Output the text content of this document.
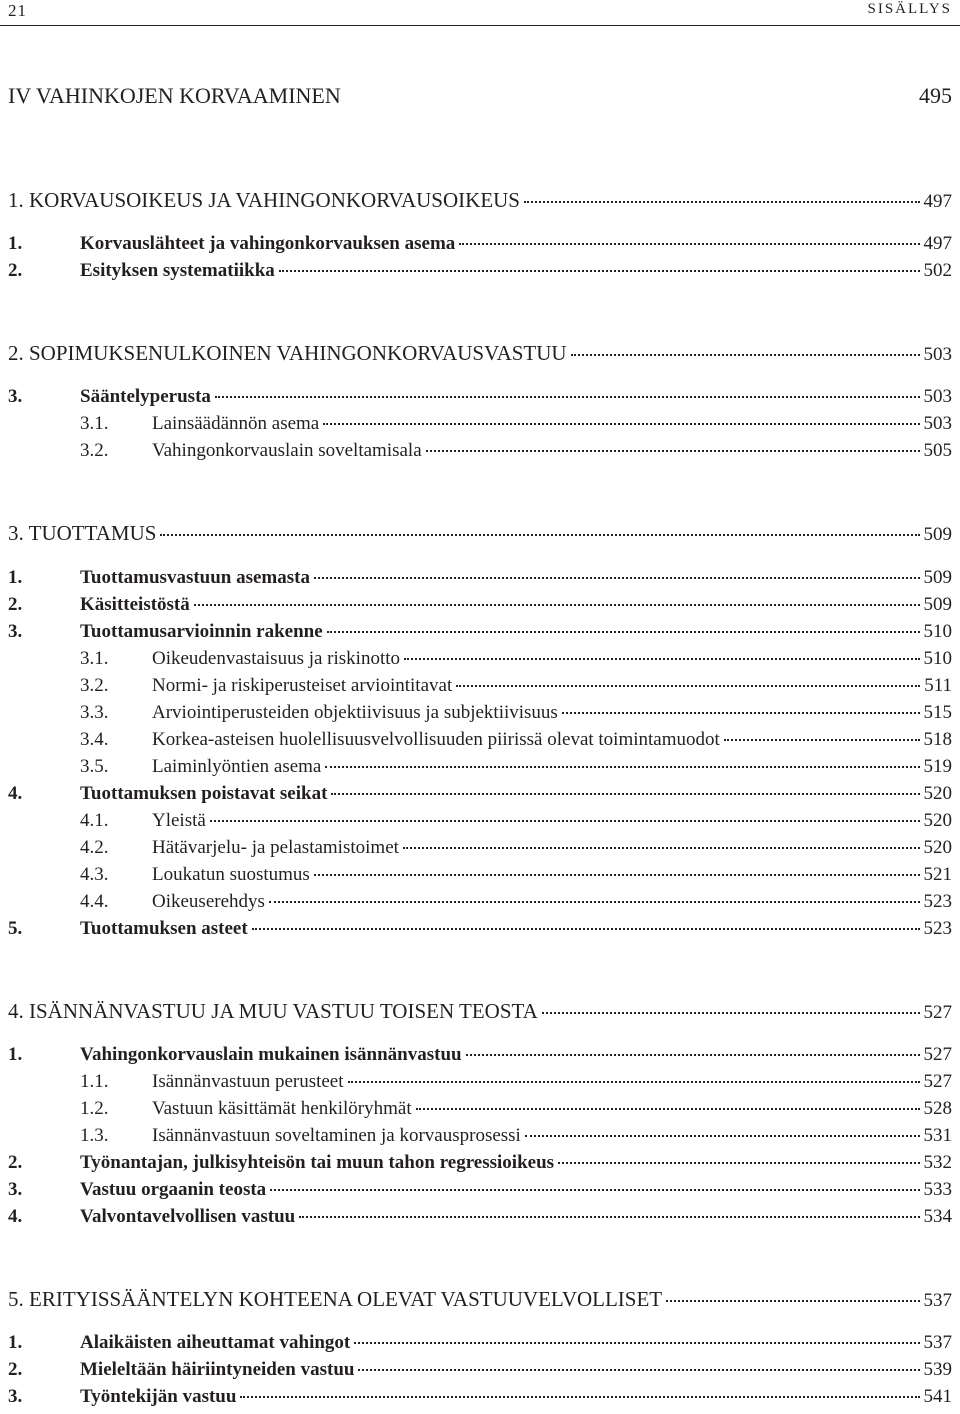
21	SISÄLLYS
IV VAHINKOJEN KORVAAMINEN	495
1. KORVAUSOIKEUS JA VAHINGONKORVAUSOIKEUS	497
1.	Korvauslähteet ja vahingonkorvauksen asema	497
2.	Esityksen systematiikka	502
2. SOPIMUKSENULKOINEN VAHINGONKORVAUSVASTUU	503
3.	Sääntelyperusta	503
3.1.	Lainsäädännön asema	503
3.2.	Vahingonkorvauslain soveltamisala	505
3. TUOTTAMUS	509
1.	Tuottamusvastuun asemasta	509
2.	Käsitteistöstä	509
3.	Tuottamusarvioinnin rakenne	510
3.1.	Oikeudenvastaisuus ja riskinotto	510
3.2.	Normi- ja riskiperusteiset arviointitavat	511
3.3.	Arviointiperusteiden objektiivisuus ja subjektiivisuus	515
3.4.	Korkea-asteisen huolellisuusvelvollisuuden piirissä olevat toimintamuodot	518
3.5.	Laiminlyöntien asema	519
4.	Tuottamuksen poistavat seikat	520
4.1.	Yleistä	520
4.2.	Hätävarjelu- ja pelastamistoimet	520
4.3.	Loukatun suostumus	521
4.4.	Oikeuserehdys	523
5.	Tuottamuksen asteet	523
4. ISÄNNÄNVASTUU JA MUU VASTUU TOISEN TEOSTA	527
1.	Vahingonkorvauslain mukainen isännänvastuu	527
1.1.	Isännänvastuun perusteet	527
1.2.	Vastuun käsittämät henkilöryhmät	528
1.3.	Isännänvastuun soveltaminen ja korvausprosessi	531
2.	Työnantajan, julkisyhteisön tai muun tahon regressioikeus	532
3.	Vastuu orgaanin teosta	533
4.	Valvontavelvollisen vastuu	534
5. ERITYISSÄÄNTELYN KOHTEENA OLEVAT VASTUUVELVOLLISET	537
1.	Alaikäisten aiheuttamat vahingot	537
2.	Mieleltään häiriintyneiden vastuu	539
3.	Työntekijän vastuu	541
